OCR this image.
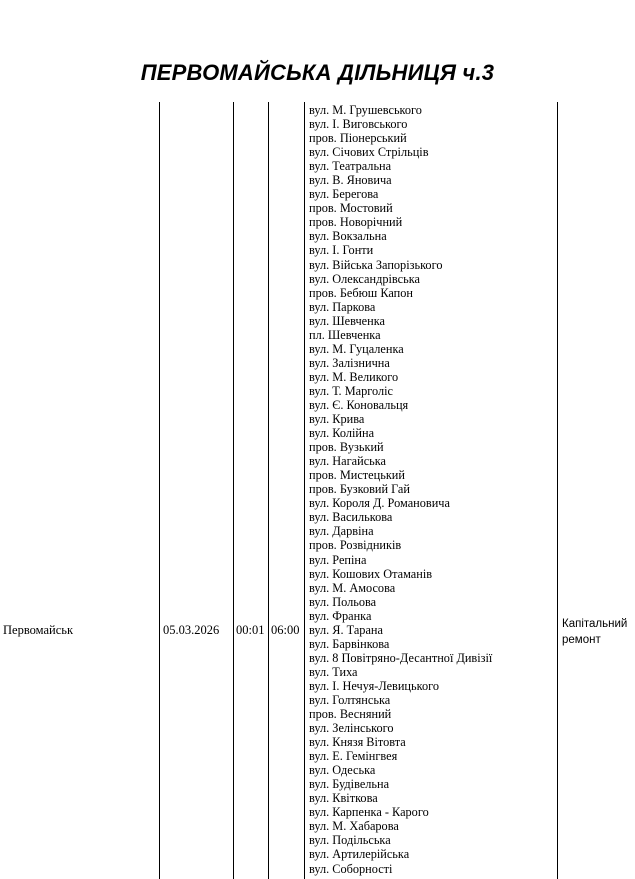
ПЕРВОМАЙСЬКА ДІЛЬНИЦЯ ч.3
Первомайськ	05.03.2026 00:01 06:00
вул. М. Грушевського
вул. І. Виговського
пров. Піонерський
вул. Січових Стрільців
вул. Театральна
вул. В. Яновича
вул. Берегова
пров. Мостовий
пров. Новорічний
вул. Вокзальна
вул. І. Гонти
вул. Війська Запорізького
вул. Олександрівська
пров. Бебюш Капон
вул. Паркова
вул. Шевченка
пл. Шевченка
вул. М. Гуцаленка
вул. Залізнична
вул. М. Великого
вул. Т. Марголіс
вул. Є. Коновальця
вул. Крива
вул. Колійна
пров. Вузький
вул. Нагайська
пров. Мистецький
пров. Бузковий Гай
вул. Короля Д. Романовича
вул. Василькова
вул. Дарвіна
пров. Розвідників
вул. Репіна
вул. Кошових Отаманів
вул. М. Амосова
вул. Польова
вул. Франка
вул. Я. Тарана
вул. Барвінкова
вул. 8 Повітряно-Десантної Дивізії
вул. Тиха
вул. І. Нечуя-Левицького
вул. Голтянська
пров. Весняний
вул. Зелінського
вул. Князя Вітовта
вул. Е. Гемінгвея
вул. Одеська
вул. Будівельна
вул. Квіткова
вул. Карпенка - Карого
вул. М. Хабарова
вул. Подільська
вул. Артилерійська
вул. Соборності
Капітальний ремонт
